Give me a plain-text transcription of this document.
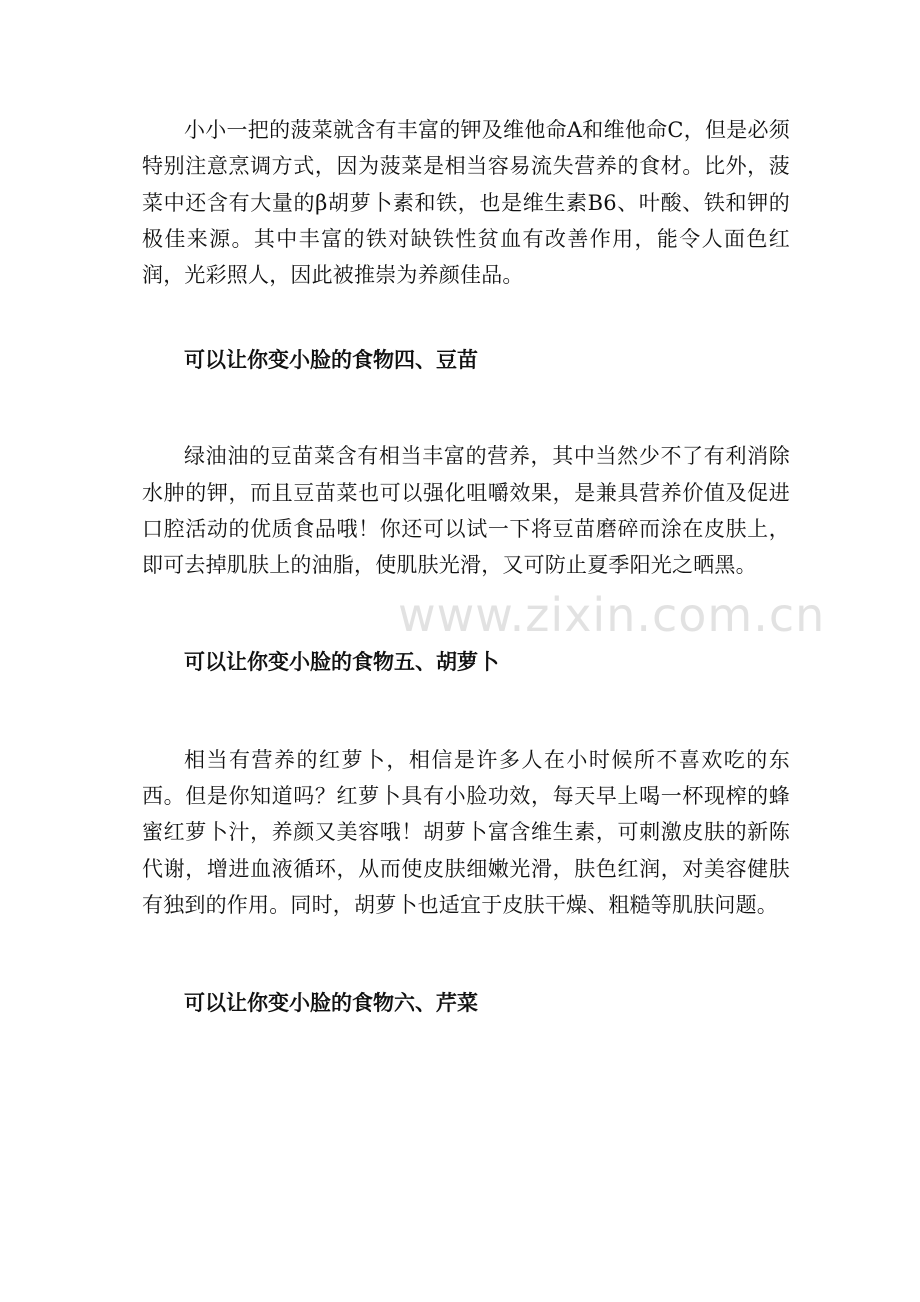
小小一把的菠菜就含有丰富的钾及维他命A和维他命C，但是必须特别注意烹调方式，因为菠菜是相当容易流失营养的食材。比外，菠菜中还含有大量的β胡萝卜素和铁，也是维生素B6、叶酸、铁和钾的极佳来源。其中丰富的铁对缺铁性贫血有改善作用，能令人面色红润，光彩照人，因此被推崇为养颜佳品。

可以让你变小脸的食物四、豆苗

绿油油的豆苗菜含有相当丰富的营养，其中当然少不了有利消除水肿的钾，而且豆苗菜也可以强化咀嚼效果，是兼具营养价值及促进口腔活动的优质食品哦！你还可以试一下将豆苗磨碎而涂在皮肤上，即可去掉肌肤上的油脂，使肌肤光滑，又可防止夏季阳光之晒黑。

可以让你变小脸的食物五、胡萝卜

相当有营养的红萝卜，相信是许多人在小时候所不喜欢吃的东西。但是你知道吗？红萝卜具有小脸功效，每天早上喝一杯现榨的蜂蜜红萝卜汁，养颜又美容哦！胡萝卜富含维生素，可刺激皮肤的新陈代谢，增进血液循环，从而使皮肤细嫩光滑，肤色红润，对美容健肤有独到的作用。同时，胡萝卜也适宜于皮肤干燥、粗糙等肌肤问题。

可以让你变小脸的食物六、芹菜
www.zixin.com.cn
